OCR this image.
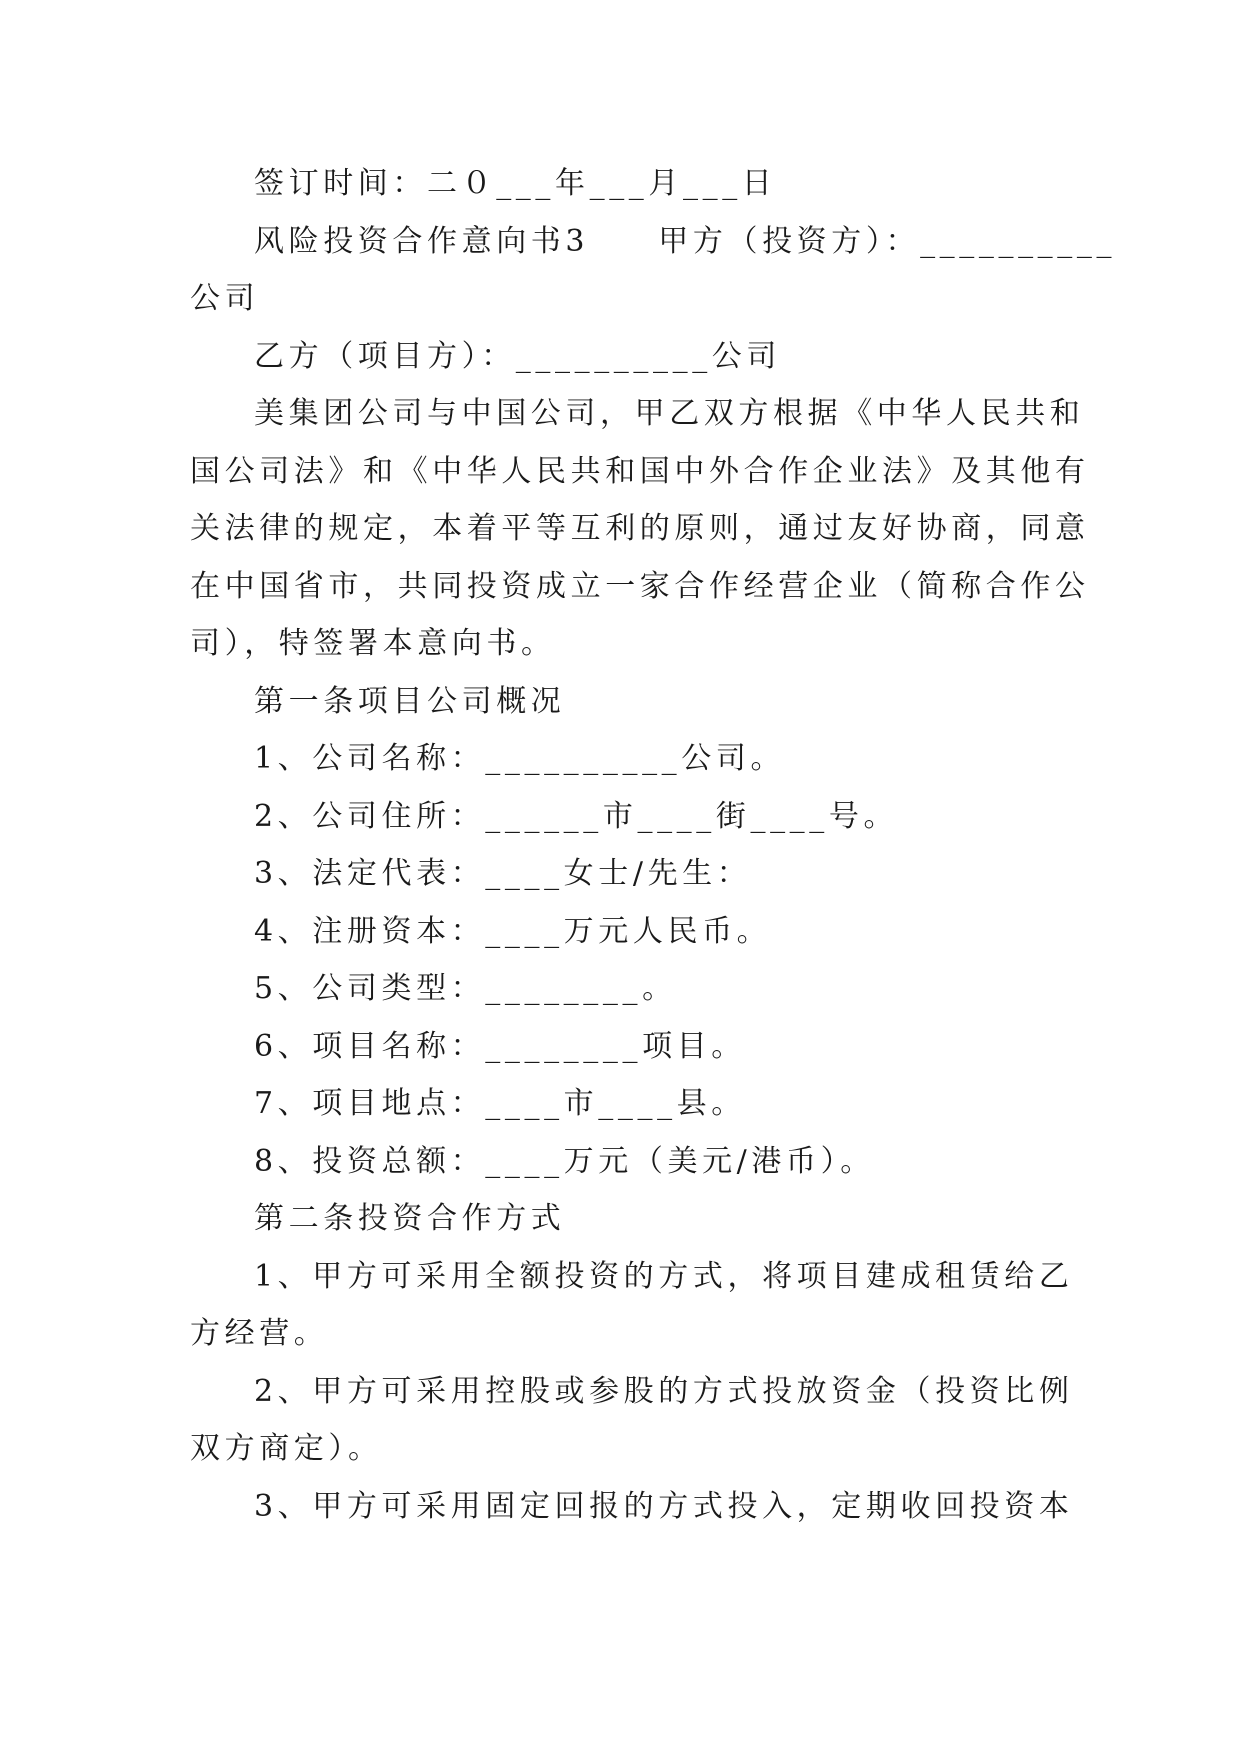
签订时间：二０___年___月___日
风险投资合作意向书3　　甲方（投资方）：__________
公司
乙方（项目方）：__________公司
美集团公司与中国公司，甲乙双方根据《中华人民共和
国公司法》和《中华人民共和国中外合作企业法》及其他有
关法律的规定，本着平等互利的原则，通过友好协商，同意
在中国省市，共同投资成立一家合作经营企业（简称合作公
司），特签署本意向书。
第一条项目公司概况
1、公司名称：__________公司。
2、公司住所：______市____街____号。
3、法定代表：____女士/先生：
4、注册资本：____万元人民币。
5、公司类型：________。
6、项目名称：________项目。
7、项目地点：____市____县。
8、投资总额：____万元（美元/港币）。
第二条投资合作方式
1、甲方可采用全额投资的方式，将项目建成租赁给乙
方经营。
2、甲方可采用控股或参股的方式投放资金（投资比例
双方商定）。
3、甲方可采用固定回报的方式投入，定期收回投资本
